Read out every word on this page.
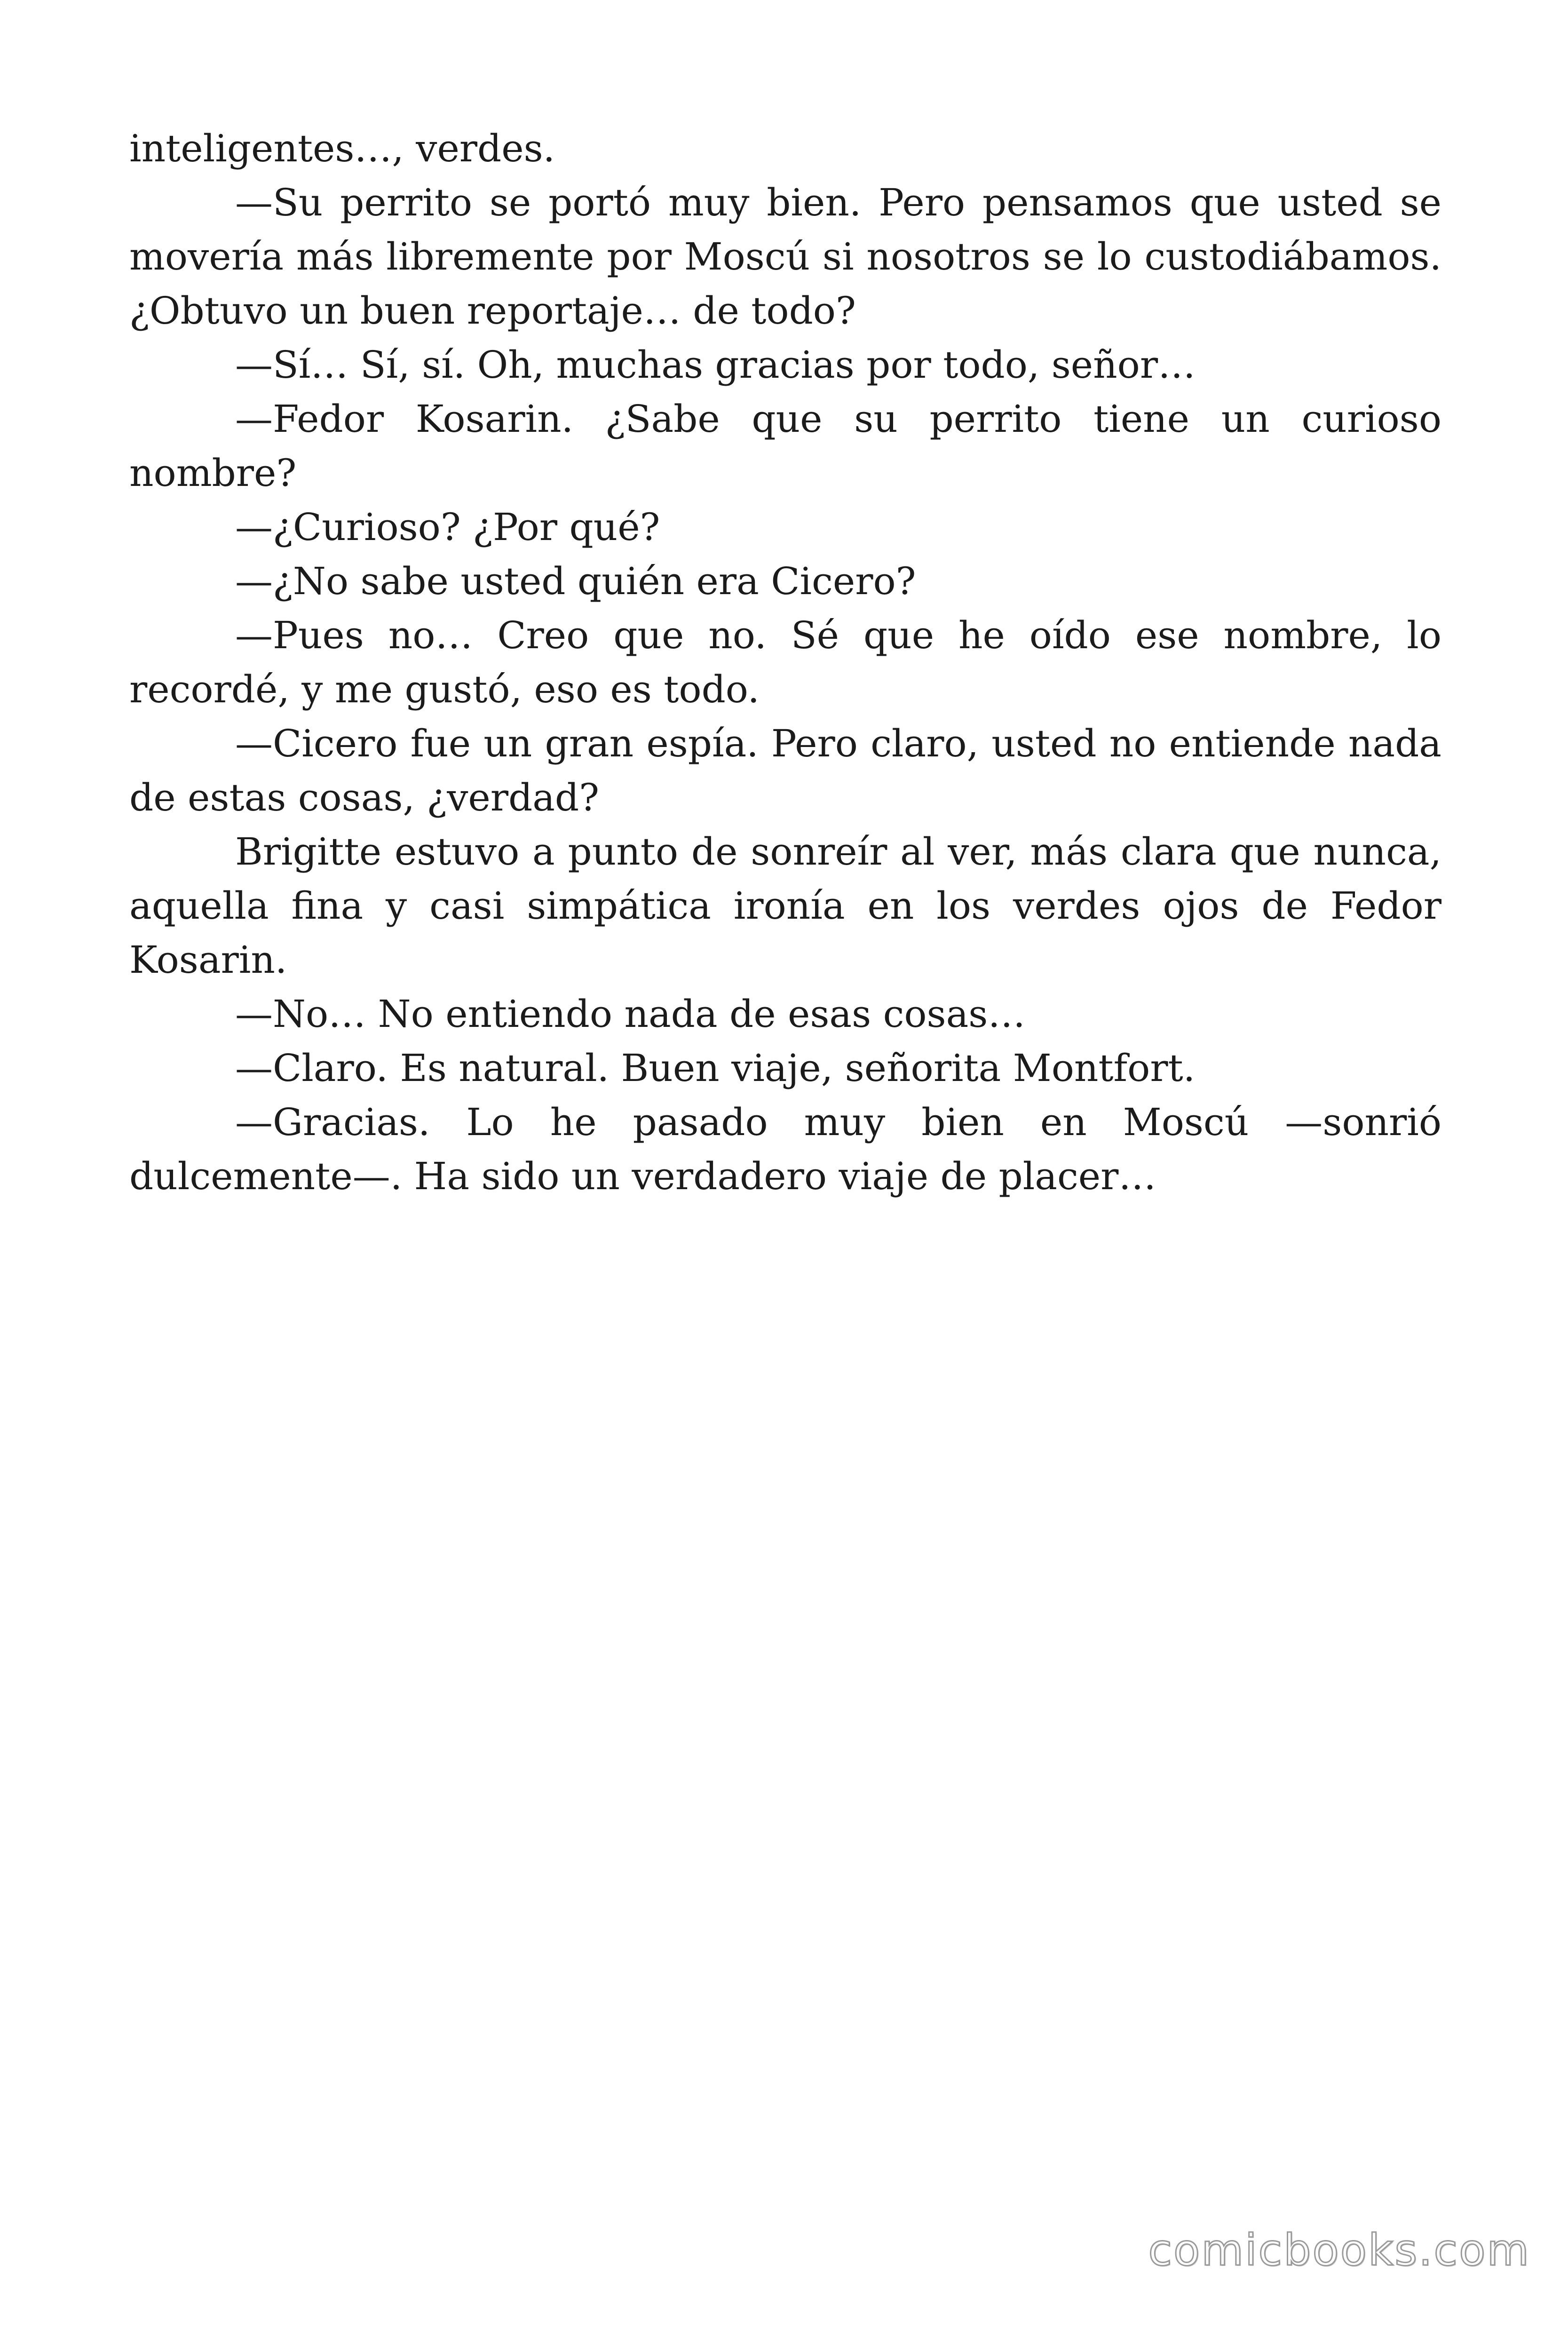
inteligentes…, verdes.

—Su perrito se portó muy bien. Pero pensamos que usted se movería más libremente por Moscú si nosotros se lo custodiábamos. ¿Obtuvo un buen reportaje… de todo?

—Sí… Sí, sí. Oh, muchas gracias por todo, señor…

—Fedor Kosarin. ¿Sabe que su perrito tiene un curioso nombre?

—¿Curioso? ¿Por qué?

—¿No sabe usted quién era Cicero?

—Pues no… Creo que no. Sé que he oído ese nombre, lo recordé, y me gustó, eso es todo.

—Cicero fue un gran espía. Pero claro, usted no entiende nada de estas cosas, ¿verdad?

Brigitte estuvo a punto de sonreír al ver, más clara que nunca, aquella fina y casi simpática ironía en los verdes ojos de Fedor Kosarin.

—No… No entiendo nada de esas cosas…

—Claro. Es natural. Buen viaje, señorita Montfort.

—Gracias. Lo he pasado muy bien en Moscú —sonrió dulcemente—. Ha sido un verdadero viaje de placer…

comicbooks.com
